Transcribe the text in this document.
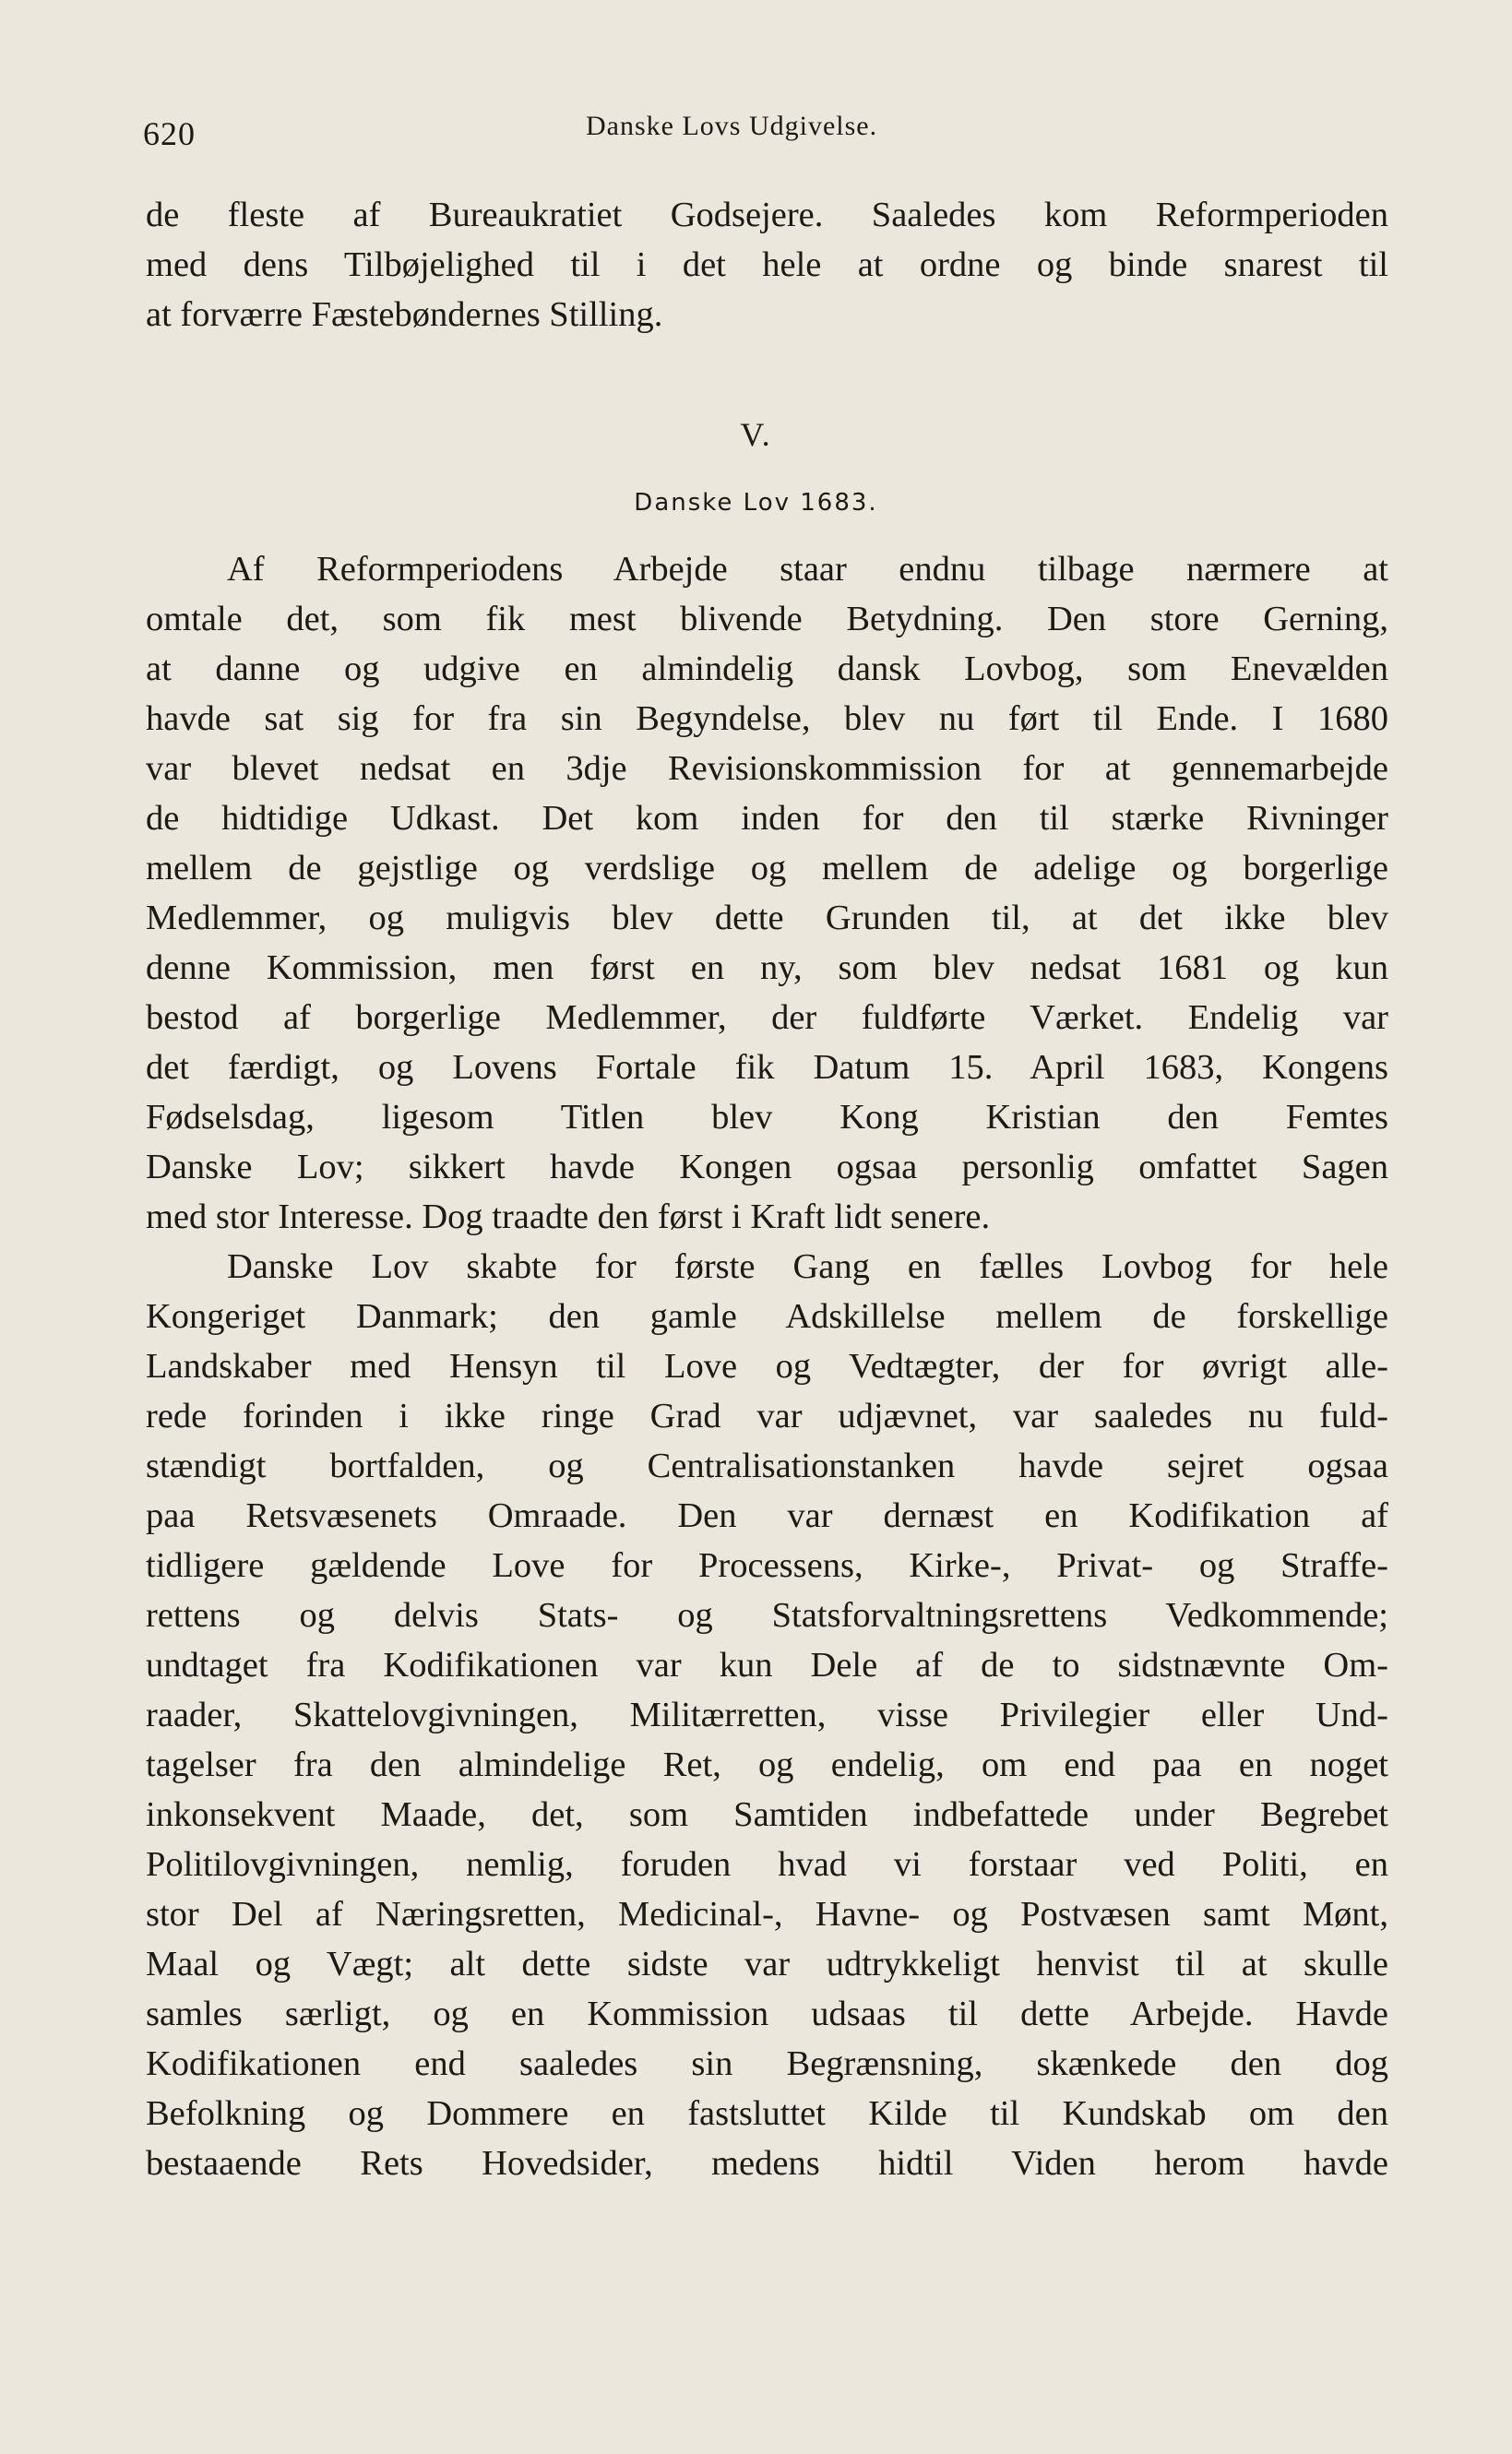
620	Danske Lovs Udgivelse.
de fleste af Bureaukratiet Godsejere. Saaledes kom Reformperioden
med dens Tilbøjelighed til i det hele at ordne og binde snarest til
at forværre Fæstebøndernes Stilling.
V.
Danske Lov 1683.
Af Reformperiodens Arbejde staar endnu tilbage nærmere at
omtale det, som fik mest blivende Betydning. Den store Gerning,
at danne og udgive en almindelig dansk Lovbog, som Enevælden
havde sat sig for fra sin Begyndelse, blev nu ført til Ende. I 1680
var blevet nedsat en 3dje Revisionskommission for at gennemarbejde
de hidtidige Udkast. Det kom inden for den til stærke Rivninger
mellem de gejstlige og verdslige og mellem de adelige og borgerlige
Medlemmer, og muligvis blev dette Grunden til, at det ikke blev
denne Kommission, men først en ny, som blev nedsat 1681 og kun
bestod af borgerlige Medlemmer, der fuldførte Værket. Endelig var
det færdigt, og Lovens Fortale fik Datum 15. April 1683, Kongens
Fødselsdag, ligesom Titlen blev Kong Kristian den Femtes
Danske Lov; sikkert havde Kongen ogsaa personlig omfattet Sagen
med stor Interesse. Dog traadte den først i Kraft lidt senere.
Danske Lov skabte for første Gang en fælles Lovbog for hele
Kongeriget Danmark; den gamle Adskillelse mellem de forskellige
Landskaber med Hensyn til Love og Vedtægter, der for øvrigt alle-
rede forinden i ikke ringe Grad var udjævnet, var saaledes nu fuld-
stændigt bortfalden, og Centralisationstanken havde sejret ogsaa
paa Retsvæsenets Omraade. Den var dernæst en Kodifikation af
tidligere gældende Love for Processens, Kirke-, Privat- og Straffe-
rettens og delvis Stats- og Statsforvaltningsrettens Vedkommende;
undtaget fra Kodifikationen var kun Dele af de to sidstnævnte Om-
raader, Skattelovgivningen, Militærretten, visse Privilegier eller Und-
tagelser fra den almindelige Ret, og endelig, om end paa en noget
inkonsekvent Maade, det, som Samtiden indbefattede under Begrebet
Politilovgivningen, nemlig, foruden hvad vi forstaar ved Politi, en
stor Del af Næringsretten, Medicinal-, Havne- og Postvæsen samt Mønt,
Maal og Vægt; alt dette sidste var udtrykkeligt henvist til at skulle
samles særligt, og en Kommission udsaas til dette Arbejde. Havde
Kodifikationen end saaledes sin Begrænsning, skænkede den dog
Befolkning og Dommere en fastsluttet Kilde til Kundskab om den
bestaaende Rets Hovedsider, medens hidtil Viden herom havde
